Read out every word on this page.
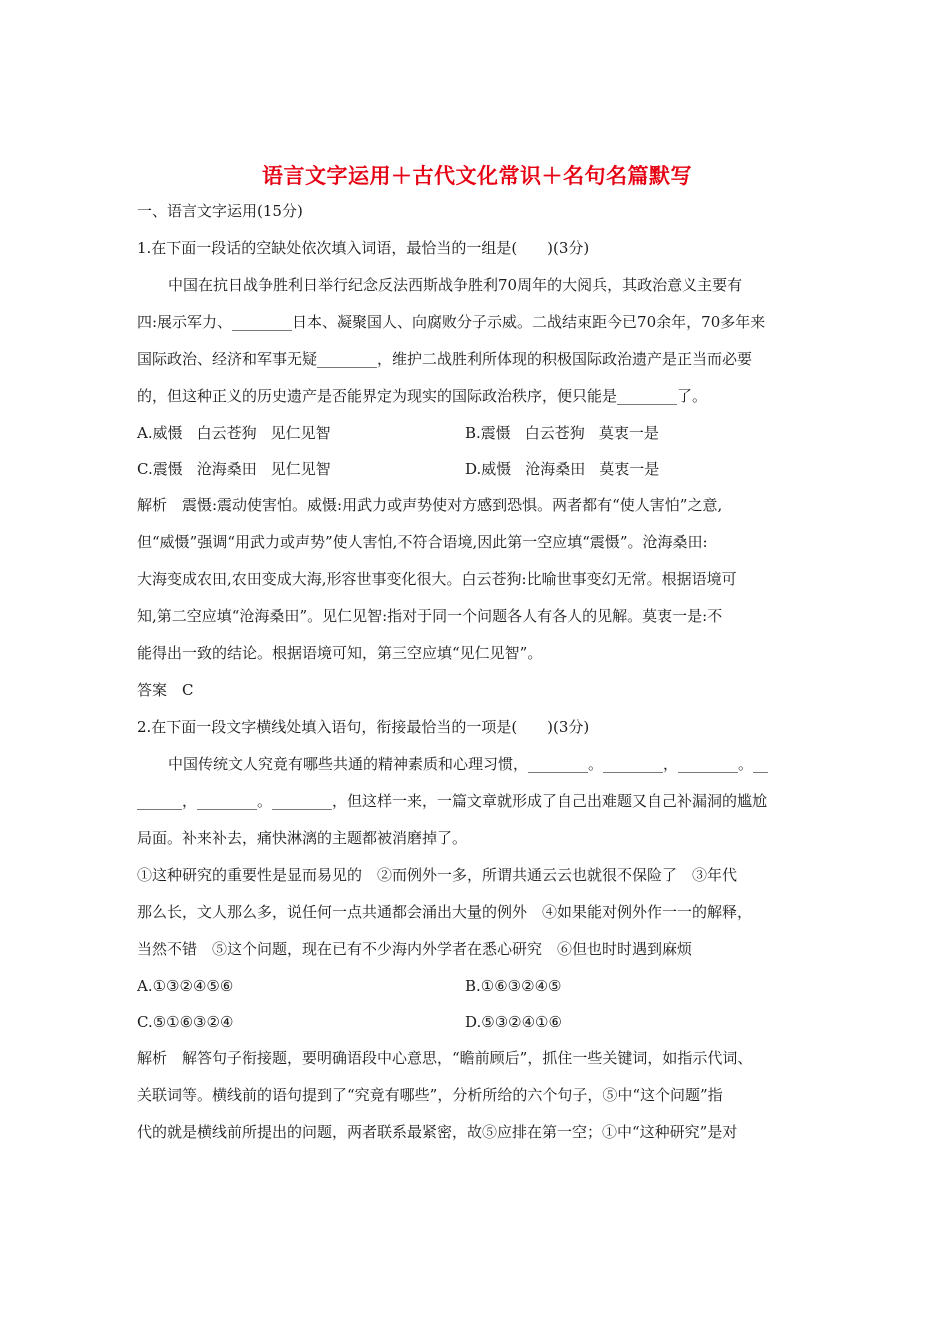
语言文字运用＋古代文化常识＋名句名篇默写
一、语言文字运用(15分)
1.在下面一段话的空缺处依次填入词语，最恰当的一组是(　　)(3分)
中国在抗日战争胜利日举行纪念反法西斯战争胜利70周年的大阅兵，其政治意义主要有
四:展示军力、________日本、凝聚国人、向腐败分子示威。二战结束距今已70余年，70多年来
国际政治、经济和军事无疑________，维护二战胜利所体现的积极国际政治遗产是正当而必要
的，但这种正义的历史遗产是否能界定为现实的国际政治秩序，便只能是________了。
A.威慑 白云苍狗 见仁见智	B.震慑 白云苍狗 莫衷一是
C.震慑 沧海桑田 见仁见智	D.威慑 沧海桑田 莫衷一是
解析　震慑:震动使害怕。威慑:用武力或声势使对方感到恐惧。两者都有“使人害怕”之意,
但“威慑”强调“用武力或声势”使人害怕,不符合语境,因此第一空应填“震慑”。沧海桑田:
大海变成农田,农田变成大海,形容世事变化很大。白云苍狗:比喻世事变幻无常。根据语境可
知,第二空应填“沧海桑田”。见仁见智:指对于同一个问题各人有各人的见解。莫衷一是:不
能得出一致的结论。根据语境可知，第三空应填“见仁见智”。
答案　C
2.在下面一段文字横线处填入语句，衔接最恰当的一项是(　　)(3分)
中国传统文人究竟有哪些共通的精神素质和心理习惯，________。________，________。__
______，________。________，但这样一来，一篇文章就形成了自己出难题又自己补漏洞的尴尬
局面。补来补去，痛快淋漓的主题都被消磨掉了。
①这种研究的重要性是显而易见的　②而例外一多，所谓共通云云也就很不保险了　③年代
那么长，文人那么多，说任何一点共通都会涌出大量的例外　④如果能对例外作一一的解释，
当然不错　⑤这个问题，现在已有不少海内外学者在悉心研究　⑥但也时时遇到麻烦
A.①③②④⑤⑥	B.①⑥③②④⑤
C.⑤①⑥③②④	D.⑤③②④①⑥
解析　解答句子衔接题，要明确语段中心意思，“瞻前顾后”，抓住一些关键词，如指示代词、
关联词等。横线前的语句提到了“究竟有哪些”，分析所给的六个句子，⑤中“这个问题”指
代的就是横线前所提出的问题，两者联系最紧密，故⑤应排在第一空；①中“这种研究”是对
